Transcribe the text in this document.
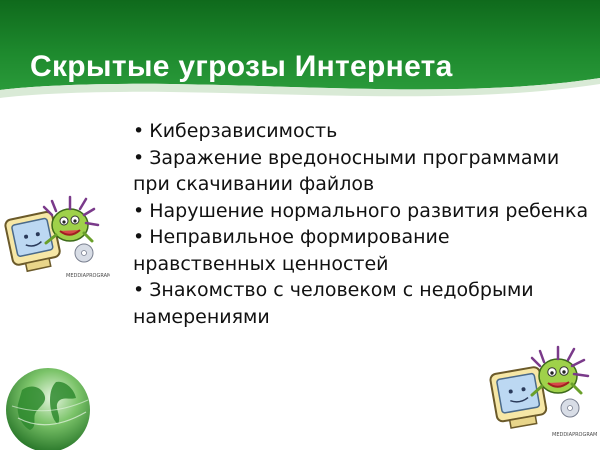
Скрытые угрозы Интернета
• Киберзависимость
• Заражение вредоносными программами при скачивании файлов
• Нарушение нормального развития ребенка
• Неправильное формирование нравственных ценностей
• Знакомство с человеком с недобрыми намерениями
MEDDIAPROGRAM
MEDDIAPROGRAM
